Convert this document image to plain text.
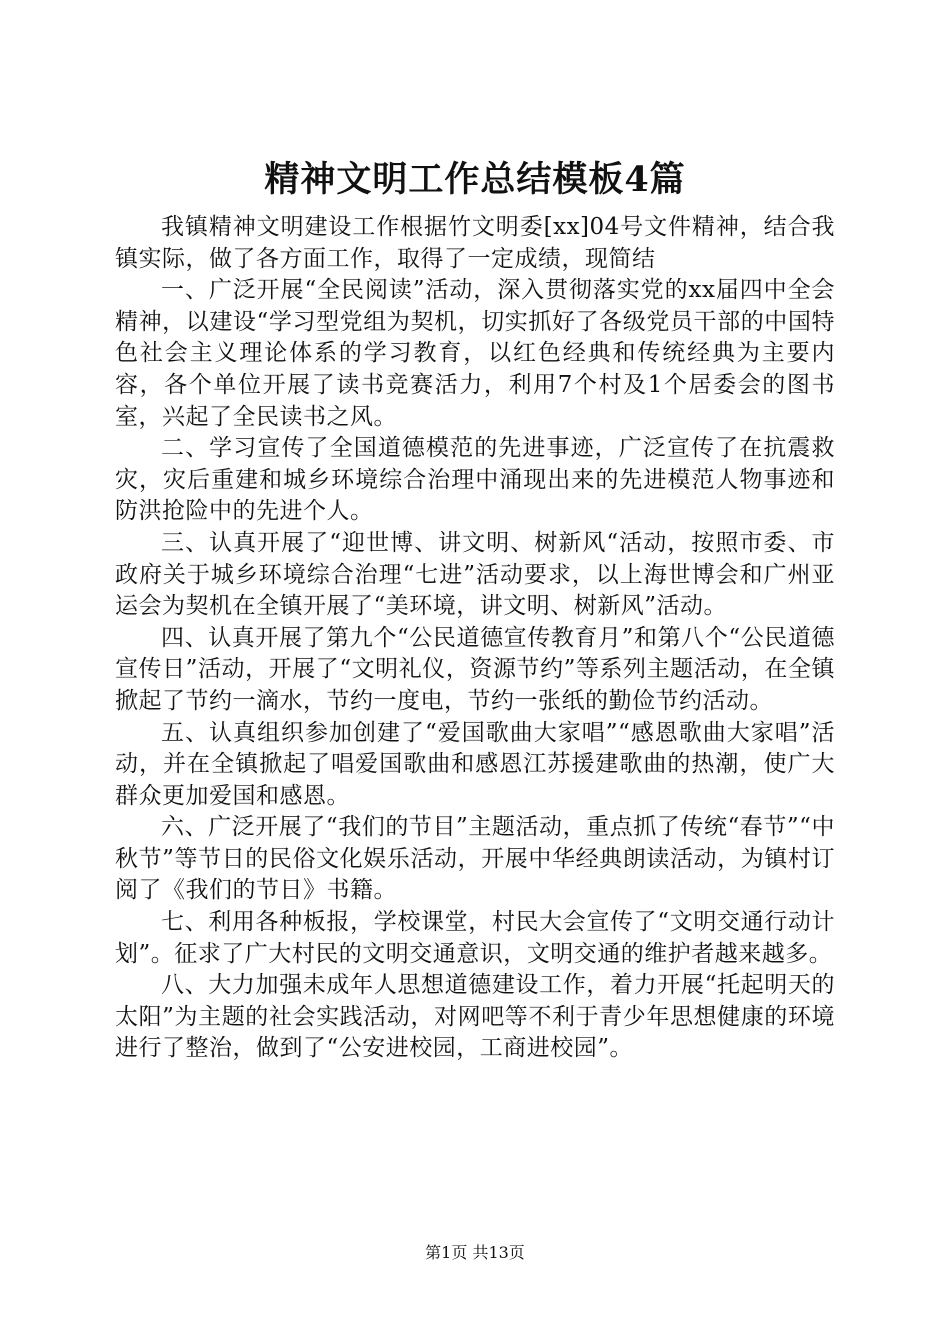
精神文明工作总结模板4篇

我镇精神文明建设工作根据竹文明委[xx]04号文件精神，结合我镇实际，做了各方面工作，取得了一定成绩，现简结

一、广泛开展“全民阅读”活动，深入贯彻落实党的xx届四中全会精神，以建设“学习型党组为契机，切实抓好了各级党员干部的中国特色社会主义理论体系的学习教育，以红色经典和传统经典为主要内容，各个单位开展了读书竞赛活力，利用7个村及1个居委会的图书室，兴起了全民读书之风。

二、学习宣传了全国道德模范的先进事迹，广泛宣传了在抗震救灾，灾后重建和城乡环境综合治理中涌现出来的先进模范人物事迹和防洪抢险中的先进个人。

三、认真开展了“迎世博、讲文明、树新风“活动，按照市委、市政府关于城乡环境综合治理“七进”活动要求，以上海世博会和广州亚运会为契机在全镇开展了“美环境，讲文明、树新风”活动。

四、认真开展了第九个“公民道德宣传教育月”和第八个“公民道德宣传日”活动，开展了“文明礼仪，资源节约”等系列主题活动，在全镇掀起了节约一滴水，节约一度电，节约一张纸的勤俭节约活动。

五、认真组织参加创建了“爱国歌曲大家唱”“感恩歌曲大家唱”活动，并在全镇掀起了唱爱国歌曲和感恩江苏援建歌曲的热潮，使广大群众更加爱国和感恩。

六、广泛开展了“我们的节目”主题活动，重点抓了传统“春节”“中秋节”等节日的民俗文化娱乐活动，开展中华经典朗读活动，为镇村订阅了《我们的节日》书籍。

七、利用各种板报，学校课堂，村民大会宣传了“文明交通行动计划”。征求了广大村民的文明交通意识，文明交通的维护者越来越多。

八、大力加强未成年人思想道德建设工作，着力开展“托起明天的太阳”为主题的社会实践活动，对网吧等不利于青少年思想健康的环境进行了整治，做到了“公安进校园，工商进校园”。

第1页 共13页
